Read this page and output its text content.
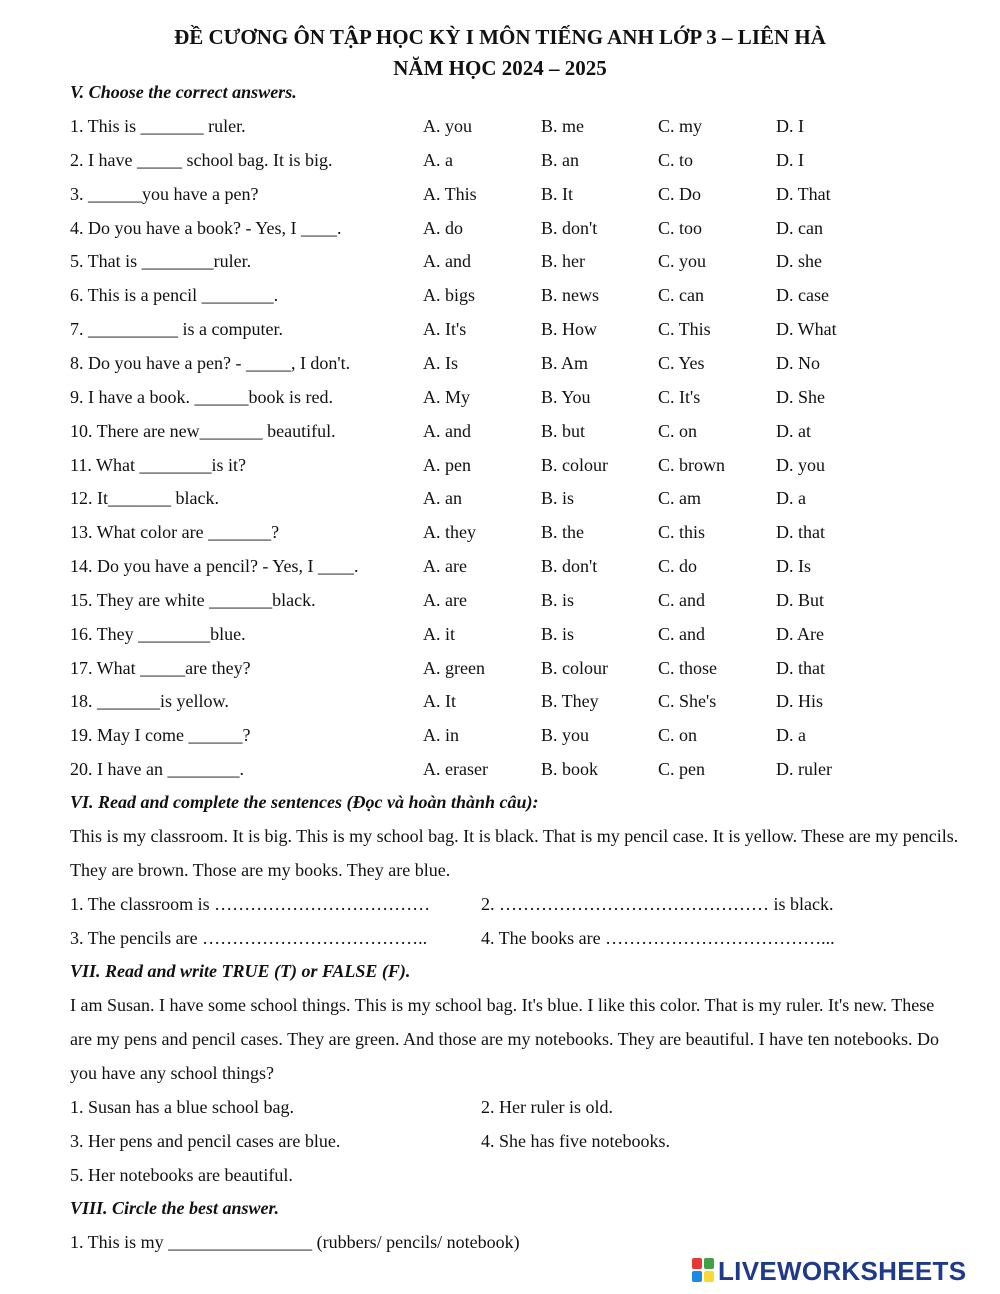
ĐỀ CƯƠNG ÔN TẬP HỌC KỲ I MÔN TIẾNG ANH LỚP 3 – LIÊN HÀ
NĂM HỌC 2024 – 2025
V. Choose the correct answers.
1. This is _______ ruler.	A. you	B. me	C. my	D. I
2. I have _____ school bag. It is big.	A. a	B. an	C. to	D. I
3. ______you have a pen?	A. This	B. It	C. Do	D. That
4. Do you have a book? - Yes, I ____.	A. do	B. don't	C. too	D. can
5. That is ________ruler.	A. and	B. her	C. you	D. she
6. This is a pencil ________.	A. bigs	B. news	C. can	D. case
7. __________ is a computer.	A. It's	B. How	C. This	D. What
8. Do you have a pen? - _____, I don't.	A. Is	B. Am	C. Yes	D. No
9. I have a book. ______book is red.	A. My	B. You	C. It's	D. She
10. There are new_______ beautiful.	A. and	B. but	C. on	D. at
11. What ________is it?	A. pen	B. colour	C. brown	D. you
12. It_______ black.	A. an	B. is	C. am	D. a
13. What color are _______?	A. they	B. the	C. this	D. that
14. Do you have a pencil? - Yes, I ____.	A. are	B. don't	C. do	D. Is
15. They are white _______black.	A. are	B. is	C. and	D. But
16. They ________blue.	A. it	B. is	C. and	D. Are
17. What _____are they?	A. green	B. colour	C. those	D. that
18. _______is yellow.	A. It	B. They	C. She's	D. His
19. May I come ______?	A. in	B. you	C. on	D. a
20. I have an ________.	A. eraser	B. book	C. pen	D. ruler
VI. Read and complete the sentences (Đọc và hoàn thành câu):
This is my classroom. It is big. This is my school bag. It is black. That is my pencil case. It is yellow. These are my pencils. They are brown. Those are my books. They are blue.
1. The classroom is ………………………………	2. ……………………………………… is black.
3. The pencils are ………………………………..	4. The books are ………………………………...
VII. Read and write TRUE (T) or FALSE (F).
I am Susan. I have some school things. This is my school bag. It's blue. I like this color. That is my ruler. It's new. These are my pens and pencil cases. They are green. And those are my notebooks. They are beautiful. I have ten notebooks. Do you have any school things?
1. Susan has a blue school bag.	2. Her ruler is old.
3. Her pens and pencil cases are blue.	4. She has five notebooks.
5. Her notebooks are beautiful.
VIII. Circle the best answer.
1. This is my ________________ (rubbers/ pencils/ notebook)
LIVEWORKSHEETS
